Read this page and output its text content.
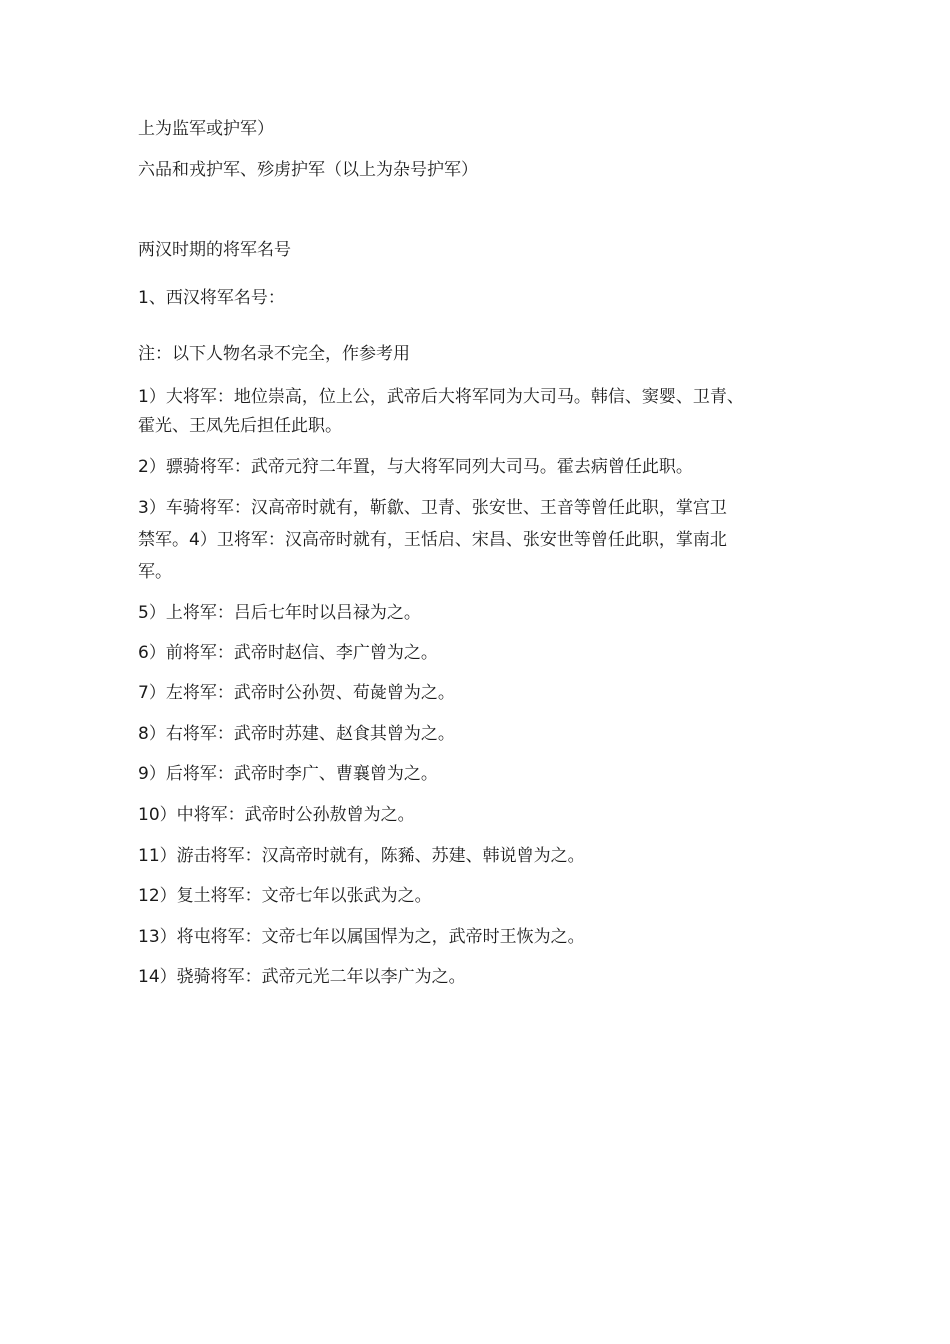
上为监军或护军）
六品和戎护军、殄虏护军（以上为杂号护军）
两汉时期的将军名号
1、西汉将军名号：
注：以下人物名录不完全，作参考用
1）大将军：地位崇高，位上公，武帝后大将军同为大司马。韩信、窦婴、卫青、
霍光、王凤先后担任此职。
2）骠骑将军：武帝元狩二年置，与大将军同列大司马。霍去病曾任此职。
3）车骑将军：汉高帝时就有，靳歙、卫青、张安世、王音等曾任此职，掌宫卫
禁军。4）卫将军：汉高帝时就有，王恬启、宋昌、张安世等曾任此职，掌南北
军。
5）上将军：吕后七年时以吕禄为之。
6）前将军：武帝时赵信、李广曾为之。
7）左将军：武帝时公孙贺、荀彘曾为之。
8）右将军：武帝时苏建、赵食其曾为之。
9）后将军：武帝时李广、曹襄曾为之。
10）中将军：武帝时公孙敖曾为之。
11）游击将军：汉高帝时就有，陈豨、苏建、韩说曾为之。
12）复土将军：文帝七年以张武为之。
13）将屯将军：文帝七年以属国悍为之，武帝时王恢为之。
14）骁骑将军：武帝元光二年以李广为之。
